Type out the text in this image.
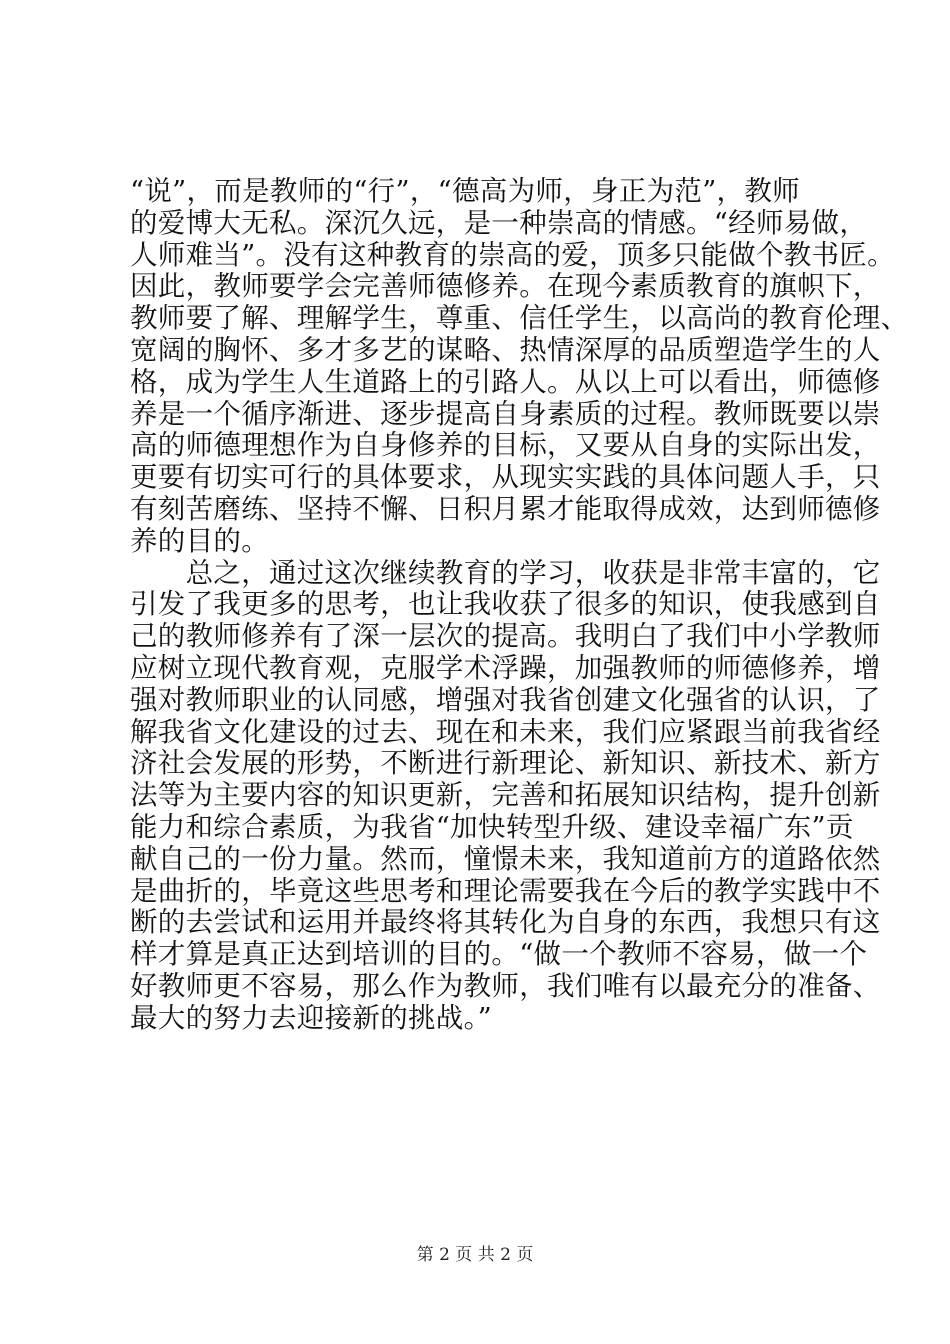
“说”，而是教师的“行”，“德高为师，身正为范”，教师
的爱博大无私。深沉久远，是一种崇高的情感。“经师易做，
人师难当”。没有这种教育的崇高的爱，顶多只能做个教书匠。
因此，教师要学会完善师德修养。在现今素质教育的旗帜下，
教师要了解、理解学生，尊重、信任学生，以高尚的教育伦理、
宽阔的胸怀、多才多艺的谋略、热情深厚的品质塑造学生的人
格，成为学生人生道路上的引路人。从以上可以看出，师德修
养是一个循序渐进、逐步提高自身素质的过程。教师既要以崇
高的师德理想作为自身修养的目标，又要从自身的实际出发，
更要有切实可行的具体要求，从现实实践的具体问题人手，只
有刻苦磨练、坚持不懈、日积月累才能取得成效，达到师德修
养的目的。
　　总之，通过这次继续教育的学习，收获是非常丰富的，它
引发了我更多的思考，也让我收获了很多的知识，使我感到自
己的教师修养有了深一层次的提高。我明白了我们中小学教师
应树立现代教育观，克服学术浮躁，加强教师的师德修养，增
强对教师职业的认同感，增强对我省创建文化强省的认识，了
解我省文化建设的过去、现在和未来，我们应紧跟当前我省经
济社会发展的形势，不断进行新理论、新知识、新技术、新方
法等为主要内容的知识更新，完善和拓展知识结构，提升创新
能力和综合素质，为我省“加快转型升级、建设幸福广东”贡
献自己的一份力量。然而，憧憬未来，我知道前方的道路依然
是曲折的，毕竟这些思考和理论需要我在今后的教学实践中不
断的去尝试和运用并最终将其转化为自身的东西，我想只有这
样才算是真正达到培训的目的。“做一个教师不容易，做一个
好教师更不容易，那么作为教师，我们唯有以最充分的准备、
最大的努力去迎接新的挑战。”
第 2 页 共 2 页
